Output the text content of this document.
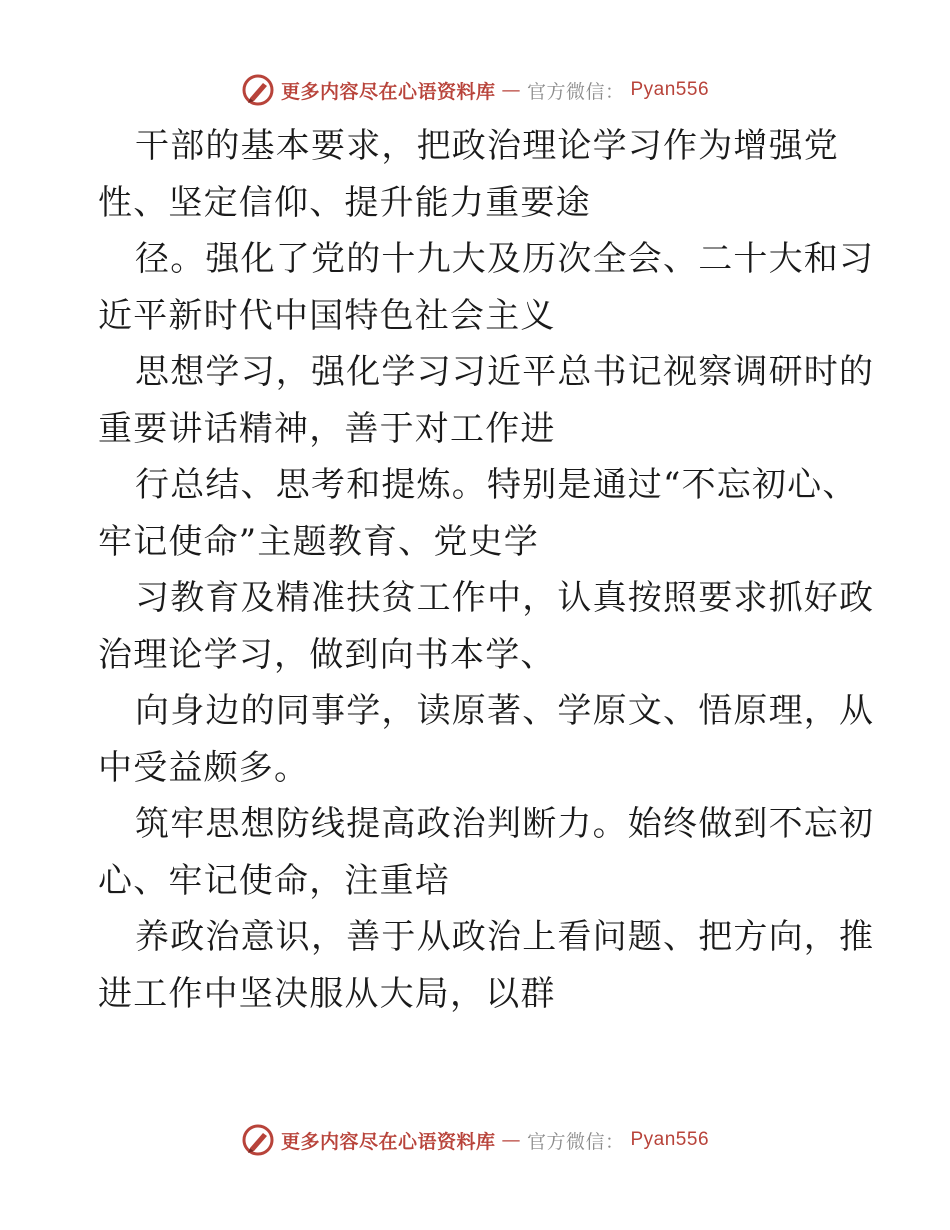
更多内容尽在心语资料库 — 官方微信： Pyan556
干部的基本要求，把政治理论学习作为增强党
性、坚定信仰、提升能力重要途
径。强化了党的十九大及历次全会、二十大和习
近平新时代中国特色社会主义
思想学习，强化学习习近平总书记视察调研时的
重要讲话精神，善于对工作进
行总结、思考和提炼。特别是通过“不忘初心、
牢记使命”主题教育、党史学
习教育及精准扶贫工作中，认真按照要求抓好政
治理论学习，做到向书本学、
向身边的同事学，读原著、学原文、悟原理，从
中受益颇多。
筑牢思想防线提高政治判断力。始终做到不忘初
心、牢记使命，注重培
养政治意识，善于从政治上看问题、把方向，推
进工作中坚决服从大局，以群
更多内容尽在心语资料库 — 官方微信： Pyan556
